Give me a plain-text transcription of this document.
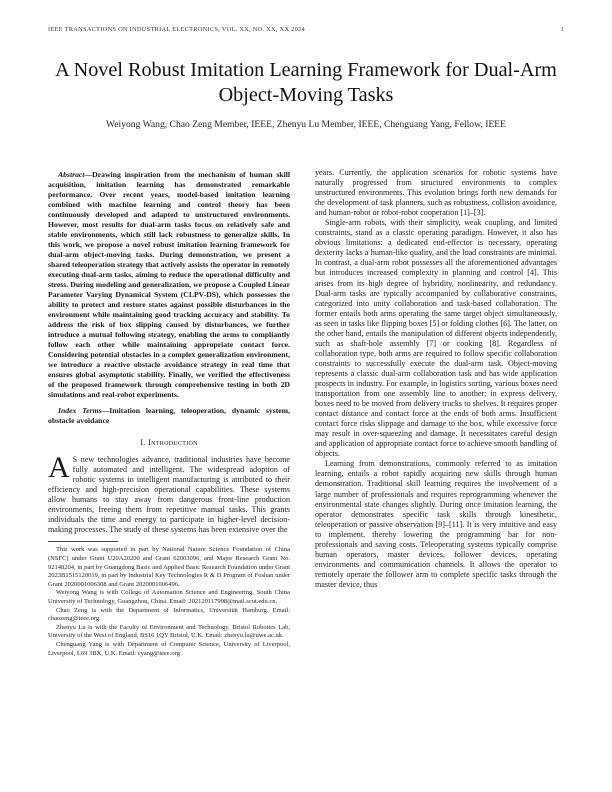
IEEE TRANSACTIONS ON INDUSTRIAL ELECTRONICS, VOL. XX, NO. XX, XX 2024	1
A Novel Robust Imitation Learning Framework for Dual-Arm Object-Moving Tasks
Weiyong Wang, Chao Zeng Member, IEEE, Zhenyu Lu Member, IEEE, Chenguang Yang, Fellow, IEEE

Abstract—Drawing inspiration from the mechanism of human skill acquisition, imitation learning has demonstrated remarkable performance. Over recent years, model-based imitation learning combined with machine learning and control theory has been continuously developed and adapted to unstructured environments. However, most results for dual-arm tasks focus on relatively safe and stable environments, which still lack robustness to generalize skills. In this work, we propose a novel robust imitation learning framework for dual-arm object-moving tasks. During demonstration, we present a shared teleoperation strategy that actively assists the operator in remotely executing dual-arm tasks, aiming to reduce the operational difficulty and stress. During modeling and generalization, we propose a Coupled Linear Parameter Varying Dynamical System (CLPV-DS), which possesses the ability to protect and restore states against possible disturbances in the environment while maintaining good tracking accuracy and stability. To address the risk of box slipping caused by disturbances, we further introduce a mutual following strategy, enabling the arms to compliantly follow each other while maintaining appropriate contact force. Considering potential obstacles in a complex generalization environment, we introduce a reactive obstacle avoidance strategy in real time that ensures global asymptotic stability. Finally, we verified the effectiveness of the proposed framework through comprehensive testing in both 2D simulations and real-robot experiments.

Index Terms—Imitation learning, teleoperation, dynamic system, obstacle avoidance

I. Introduction

A S new technologies advance, traditional industries have become fully automated and intelligent. The widespread adoption of robotic systems in intelligent manufacturing is attributed to their efficiency and high-precision operational capabilities. These systems allow humans to stay away from dangerous front-line production environments, freeing them from repetitive manual tasks. This grants individuals the time and energy to participate in higher-level decision-making processes. The study of these systems has been extensive over the

This work was supported in part by National Nature Science Foundation of China (NSFC) under Grant U20A20200 and Grant 62003096, and Major Research Grant No. 92148204, in part by Guangdong Basic and Applied Basic Research Foundation under Grant 2023B1515120019, in part by Industrial Key Technologies R & D Program of Foshan under Grant 2020001006308 and Grant 2020001006496.
Weiyong Wang is with College of Automation Science and Engineering, South China University of Technology, Guangzhou, China. Email: 202120117998@mail.scut.edu.cn.
Chao Zeng is with the Department of Informatics, Universität Hamburg. Email: chaozeng@ieee.org.
Zhenyu Lu is with the Faculty of Environment and Technology, Bristol Robotics Lab, University of the West of England, BS16 1QY Bristol, U.K. Email: zhenyu.lu@uwe.ac.uk.
Chenguang Yang is with Department of Computer Science, University of Liverpool, Liverpool, L69 3BX, U.K. Email: cyang@ieee.org

years. Currently, the application scenarios for robotic systems have naturally progressed from structured environments to complex unstructured environments. This evolution brings forth new demands for the development of task planners, such as robustness, collision avoidance, and human-robot or robot-robot cooperation [1]–[3].

Single-arm robots, with their simplicity, weak coupling, and limited constraints, stand as a classic operating paradigm. However, it also has obvious limitations: a dedicated end-effector is necessary, operating dexterity lacks a human-like quality, and the load constraints are minimal. In contrast, a dual-arm robot possesses all the aforementioned advantages but introduces increased complexity in planning and control [4]. This arises from its high degree of hybridity, nonlinearity, and redundancy. Dual-arm tasks are typically accompanied by collaborative constraints, categorized into unity collaboration and task-based collaboration. The former entails both arms operating the same target object simultaneously, as seen in tasks like flipping boxes [5] or folding clothes [6]. The latter, on the other hand, entails the manipulation of different objects independently, such as shaft-hole assembly [7] or cooking [8]. Regardless of collaboration type, both arms are required to follow specific collaboration constraints to successfully execute the dual-arm task. Object-moving represents a classic dual-arm collaboration task and has wide application prospects in industry. For example, in logistics sorting, various boxes need transportation from one assembly line to another; in express delivery, boxes need to be moved from delivery trucks to shelves. It requires proper contact distance and contact force at the ends of both arms. Insufficient contact force risks slippage and damage to the box, while excessive force may result in over-squeezing and damage. It necessitates careful design and application of appropriate contact force to achieve smooth handling of objects.

Learning from demonstrations, commonly referred to as imitation learning, entails a robot rapidly acquiring new skills through human demonstration. Traditional skill learning requires the involvement of a large number of professionals and requires reprogramming whenever the environmental state changes slightly. During once imitation learning, the operator demonstrates specific task skills through kinesthetic, teleoperation or passive observation [9]–[11]. It is very intuitive and easy to implement, thereby lowering the programming bar for non-professionals and saving costs. Teleoperating systems typically comprise human operators, master devices, follower devices, operating environments and communication channels. It allows the operator to remotely operate the follower arm to complete specific tasks through the master device, thus
